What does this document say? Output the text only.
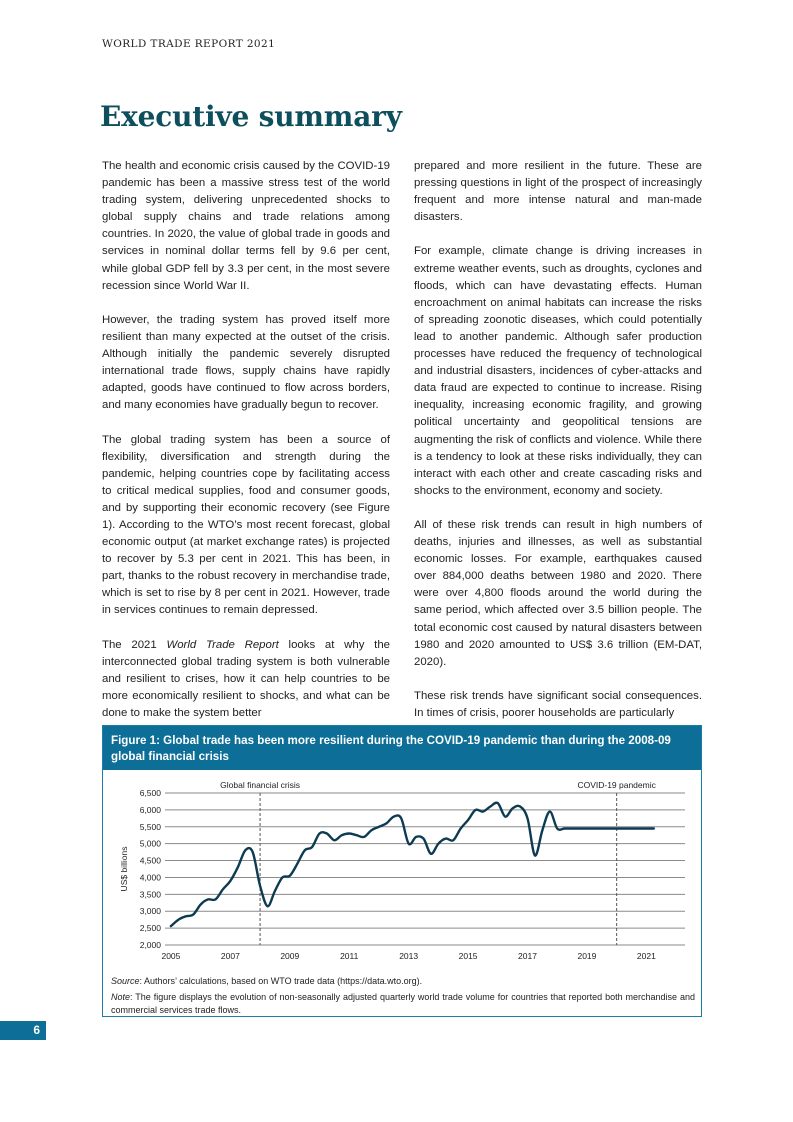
WORLD TRADE REPORT 2021
Executive summary

The health and economic crisis caused by the COVID-19 pandemic has been a massive stress test of the world trading system, delivering unprecedented shocks to global supply chains and trade relations among countries. In 2020, the value of global trade in goods and services in nominal dollar terms fell by 9.6 per cent, while global GDP fell by 3.3 per cent, in the most severe recession since World War II.

However, the trading system has proved itself more resilient than many expected at the outset of the crisis. Although initially the pandemic severely disrupted international trade flows, supply chains have rapidly adapted, goods have continued to flow across borders, and many economies have gradually begun to recover.

The global trading system has been a source of flexibility, diversification and strength during the pandemic, helping countries cope by facilitating access to critical medical supplies, food and consumer goods, and by supporting their economic recovery (see Figure 1). According to the WTO’s most recent forecast, global economic output (at market exchange rates) is projected to recover by 5.3 per cent in 2021. This has been, in part, thanks to the robust recovery in merchandise trade, which is set to rise by 8 per cent in 2021. However, trade in services continues to remain depressed.

The 2021 World Trade Report looks at why the interconnected global trading system is both vulnerable and resilient to crises, how it can help countries to be more economically resilient to shocks, and what can be done to make the system better

prepared and more resilient in the future. These are pressing questions in light of the prospect of increasingly frequent and more intense natural and man-made disasters.

For example, climate change is driving increases in extreme weather events, such as droughts, cyclones and floods, which can have devastating effects. Human encroachment on animal habitats can increase the risks of spreading zoonotic diseases, which could potentially lead to another pandemic. Although safer production processes have reduced the frequency of technological and industrial disasters, incidences of cyber-attacks and data fraud are expected to continue to increase. Rising inequality, increasing economic fragility, and growing political uncertainty and geopolitical tensions are augmenting the risk of conflicts and violence. While there is a tendency to look at these risks individually, they can interact with each other and create cascading risks and shocks to the environment, economy and society.

All of these risk trends can result in high numbers of deaths, injuries and illnesses, as well as substantial economic losses. For example, earthquakes caused over 884,000 deaths between 1980 and 2020. There were over 4,800 floods around the world during the same period, which affected over 3.5 billion people. The total economic cost caused by natural disasters between 1980 and 2020 amounted to US$ 3.6 trillion (EM-DAT, 2020).

These risk trends have significant social consequences. In times of crisis, poorer households are particularly

Figure 1: Global trade has been more resilient during the COVID-19 pandemic than during the 2008-09 global financial crisis
2,000
2,500
3,000
3,500
4,000
4,500
5,000
5,500
6,000
6,500
2005	2007	2009	2011	2013	2015	2017	2019	2021
US$ billions
Global financial crisis	COVID-19 pandemic
Source: Authors’ calculations, based on WTO trade data (https://data.wto.org).
Note: The figure displays the evolution of non-seasonally adjusted quarterly world trade volume for countries that reported both merchandise and commercial services trade flows.
6
